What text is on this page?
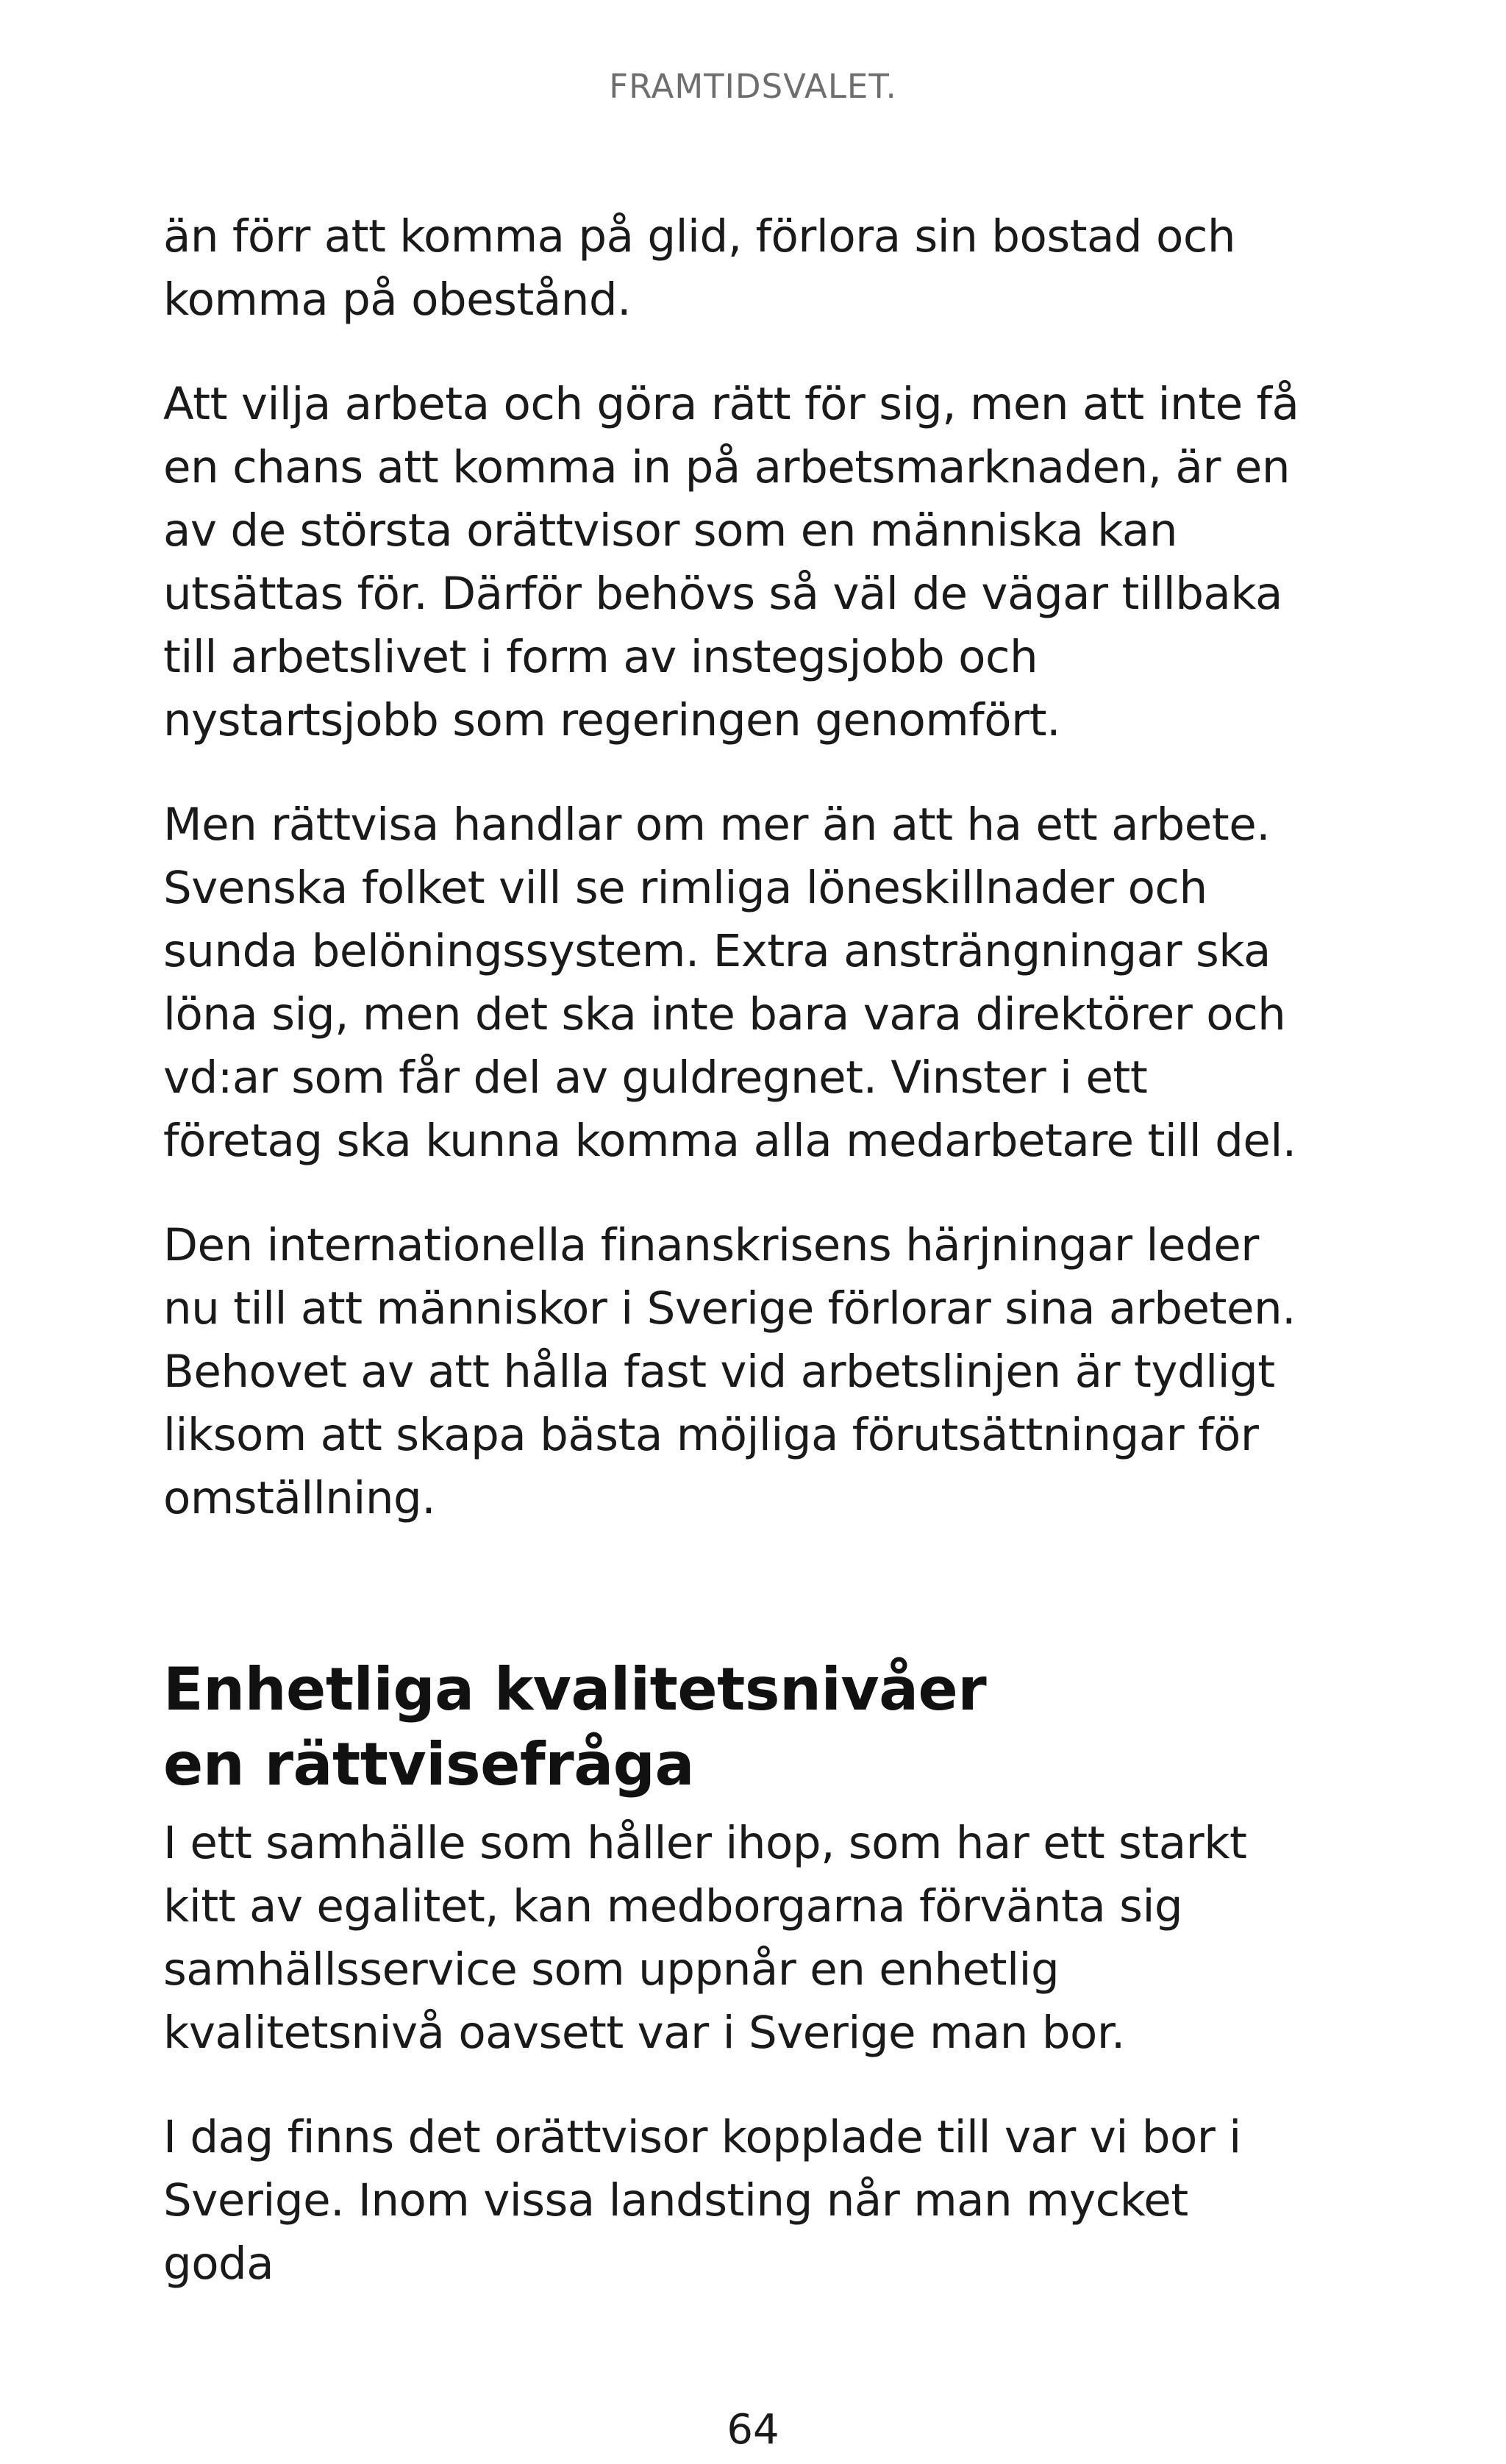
FRAMTIDSVALET.

än förr att komma på glid, förlora sin bostad och komma på obestånd.

Att vilja arbeta och göra rätt för sig, men att inte få en chans att komma in på arbetsmarknaden, är en av de största orättvisor som en människa kan utsättas för. Därför behövs så väl de vägar tillbaka till arbetslivet i form av instegsjobb och nystartsjobb som regeringen genomfört.

Men rättvisa handlar om mer än att ha ett arbete. Svenska folket vill se rimliga löneskillnader och sunda belöningssystem. Extra ansträngningar ska löna sig, men det ska inte bara vara direktörer och vd:ar som får del av guldregnet. Vinster i ett företag ska kunna komma alla medarbetare till del.

Den internationella finanskrisens härjningar leder nu till att människor i Sverige förlorar sina arbeten. Behovet av att hålla fast vid arbetslinjen är tydligt liksom att skapa bästa möjliga förutsättningar för omställning.

Enhetliga kvalitetsnivåer
en rättvisefråga

I ett samhälle som håller ihop, som har ett starkt kitt av egalitet, kan medborgarna förvänta sig samhällsservice som uppnår en enhetlig kvalitetsnivå oavsett var i Sverige man bor.

I dag finns det orättvisor kopplade till var vi bor i Sverige. Inom vissa landsting når man mycket goda

64
